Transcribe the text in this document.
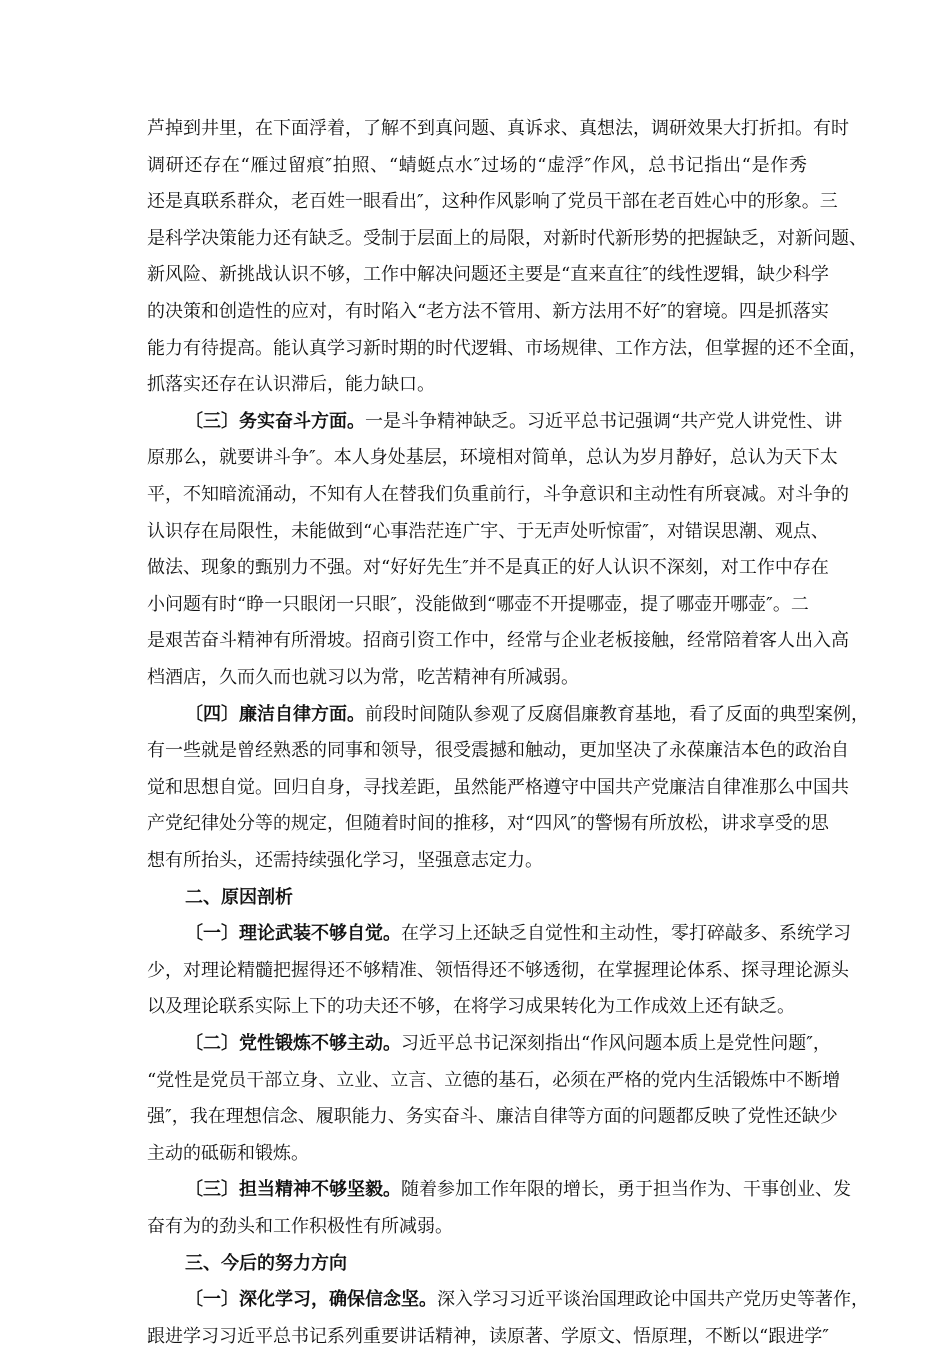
芦掉到井里，在下面浮着，了解不到真问题、真诉求、真想法，调研效果大打折扣。有时
调研还存在“雁过留痕″拍照、“蜻蜓点水″过场的“虚浮″作风，总书记指出“是作秀
还是真联系群众，老百姓一眼看出″，这种作风影响了党员干部在老百姓心中的形象。三
是科学决策能力还有缺乏。受制于层面上的局限，对新时代新形势的把握缺乏，对新问题、
新风险、新挑战认识不够，工作中解决问题还主要是“直来直往″的线性逻辑，缺少科学
的决策和创造性的应对，有时陷入“老方法不管用、新方法用不好″的窘境。四是抓落实
能力有待提高。能认真学习新时期的时代逻辑、市场规律、工作方法，但掌握的还不全面，
抓落实还存在认识滞后，能力缺口。
〔三〕务实奋斗方面。一是斗争精神缺乏。习近平总书记强调“共产党人讲党性、讲
原那么，就要讲斗争″。本人身处基层，环境相对简单，总认为岁月静好，总认为天下太
平，不知暗流涌动，不知有人在替我们负重前行，斗争意识和主动性有所衰减。对斗争的
认识存在局限性，未能做到“心事浩茫连广宇、于无声处听惊雷″，对错误思潮、观点、
做法、现象的甄别力不强。对“好好先生″并不是真正的好人认识不深刻，对工作中存在
小问题有时“睁一只眼闭一只眼″，没能做到“哪壶不开提哪壶，提了哪壶开哪壶″。二
是艰苦奋斗精神有所滑坡。招商引资工作中，经常与企业老板接触，经常陪着客人出入高
档酒店，久而久而也就习以为常，吃苦精神有所减弱。
〔四〕廉洁自律方面。前段时间随队参观了反腐倡廉教育基地，看了反面的典型案例，
有一些就是曾经熟悉的同事和领导，很受震撼和触动，更加坚决了永葆廉洁本色的政治自
觉和思想自觉。回归自身，寻找差距，虽然能严格遵守中国共产党廉洁自律准那么中国共
产党纪律处分等的规定，但随着时间的推移，对“四风″的警惕有所放松，讲求享受的思
想有所抬头，还需持续强化学习，坚强意志定力。
二、原因剖析
〔一〕理论武装不够自觉。在学习上还缺乏自觉性和主动性，零打碎敲多、系统学习
少，对理论精髓把握得还不够精准、领悟得还不够透彻，在掌握理论体系、探寻理论源头
以及理论联系实际上下的功夫还不够，在将学习成果转化为工作成效上还有缺乏。
〔二〕党性锻炼不够主动。习近平总书记深刻指出“作风问题本质上是党性问题″，
“党性是党员干部立身、立业、立言、立德的基石，必须在严格的党内生活锻炼中不断增
强″，我在理想信念、履职能力、务实奋斗、廉洁自律等方面的问题都反映了党性还缺少
主动的砥砺和锻炼。
〔三〕担当精神不够坚毅。随着参加工作年限的增长，勇于担当作为、干事创业、发
奋有为的劲头和工作积极性有所减弱。
三、今后的努力方向
〔一〕深化学习，确保信念坚。深入学习习近平谈治国理政论中国共产党历史等著作，
跟进学习习近平总书记系列重要讲话精神，读原著、学原文、悟原理，不断以“跟进学″
